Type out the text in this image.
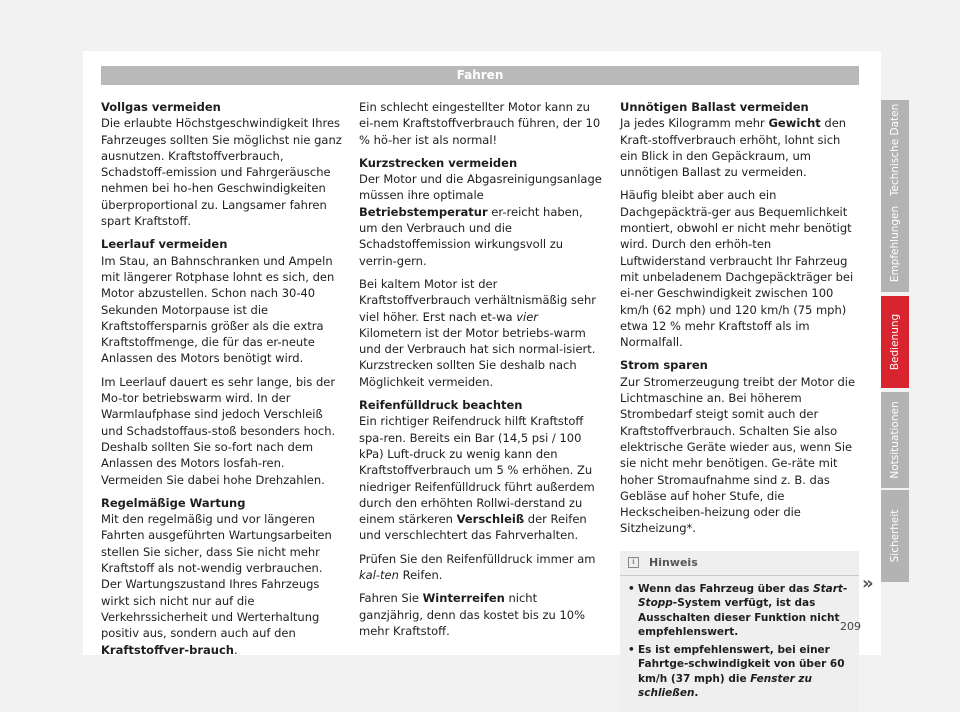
Fahren
Vollgas vermeiden

Die erlaubte Höchstgeschwindigkeit Ihres Fahrzeuges sollten Sie möglichst nie ganz ausnutzen. Kraftstoffverbrauch, Schadstoff-emission und Fahrgeräusche nehmen bei ho-hen Geschwindigkeiten überproportional zu. Langsamer fahren spart Kraftstoff.

Leerlauf vermeiden

Im Stau, an Bahnschranken und Ampeln mit längerer Rotphase lohnt es sich, den Motor abzustellen. Schon nach 30-40 Sekunden Motorpause ist die Kraftstoffersparnis größer als die extra Kraftstoffmenge, die für das er-neute Anlassen des Motors benötigt wird.

Im Leerlauf dauert es sehr lange, bis der Mo-tor betriebswarm wird. In der Warmlaufphase sind jedoch Verschleiß und Schadstoffaus-stoß besonders hoch. Deshalb sollten Sie so-fort nach dem Anlassen des Motors losfah-ren. Vermeiden Sie dabei hohe Drehzahlen.

Regelmäßige Wartung

Mit den regelmäßig und vor längeren Fahrten ausgeführten Wartungsarbeiten stellen Sie sicher, dass Sie nicht mehr Kraftstoff als not-wendig verbrauchen. Der Wartungszustand Ihres Fahrzeugs wirkt sich nicht nur auf die Verkehrssicherheit und Werterhaltung positiv aus, sondern auch auf den Kraftstoffver-brauch.

Ein schlecht eingestellter Motor kann zu ei-nem Kraftstoffverbrauch führen, der 10 % hö-her ist als normal!

Kurzstrecken vermeiden

Der Motor und die Abgasreinigungsanlage müssen ihre optimale Betriebstemperatur er-reicht haben, um den Verbrauch und die Schadstoffemission wirkungsvoll zu verrin-gern.

Bei kaltem Motor ist der Kraftstoffverbrauch verhältnismäßig sehr viel höher. Erst nach et-wa vier Kilometern ist der Motor betriebs-warm und der Verbrauch hat sich normal-isiert. Kurzstrecken sollten Sie deshalb nach Möglichkeit vermeiden.

Reifenfülldruck beachten

Ein richtiger Reifendruck hilft Kraftstoff spa-ren. Bereits ein Bar (14,5 psi / 100 kPa) Luft-druck zu wenig kann den Kraftstoffverbrauch um 5 % erhöhen. Zu niedriger Reifenfülldruck führt außerdem durch den erhöhten Rollwi-derstand zu einem stärkeren Verschleiß der Reifen und verschlechtert das Fahrverhalten.

Prüfen Sie den Reifenfülldruck immer am kal-ten Reifen.

Fahren Sie Winterreifen nicht ganzjährig, denn das kostet bis zu 10% mehr Kraftstoff.

Unnötigen Ballast vermeiden

Ja jedes Kilogramm mehr Gewicht den Kraft-stoffverbrauch erhöht, lohnt sich ein Blick in den Gepäckraum, um unnötigen Ballast zu vermeiden.

Häufig bleibt aber auch ein Dachgepäckträ-ger aus Bequemlichkeit montiert, obwohl er nicht mehr benötigt wird. Durch den erhöh-ten Luftwiderstand verbraucht Ihr Fahrzeug mit unbeladenem Dachgepäckträger bei ei-ner Geschwindigkeit zwischen 100 km/h (62 mph) und 120 km/h (75 mph) etwa 12 % mehr Kraftstoff als im Normalfall.

Strom sparen

Zur Stromerzeugung treibt der Motor die Lichtmaschine an. Bei höherem Strombedarf steigt somit auch der Kraftstoffverbrauch. Schalten Sie also elektrische Geräte wieder aus, wenn Sie sie nicht mehr benötigen. Ge-räte mit hoher Stromaufnahme sind z. B. das Gebläse auf hoher Stufe, die Heckscheiben-heizung oder die Sitzheizung*.

i Hinweis
• Wenn das Fahrzeug über das Start-Stopp-System verfügt, ist das Ausschalten dieser Funktion nicht empfehlenswert.
• Es ist empfehlenswert, bei einer Fahrtge-schwindigkeit von über 60 km/h (37 mph) die Fenster zu schließen.
»
Technische Daten
Empfehlungen
Bedienung
Notsituationen
Sicherheit
209
